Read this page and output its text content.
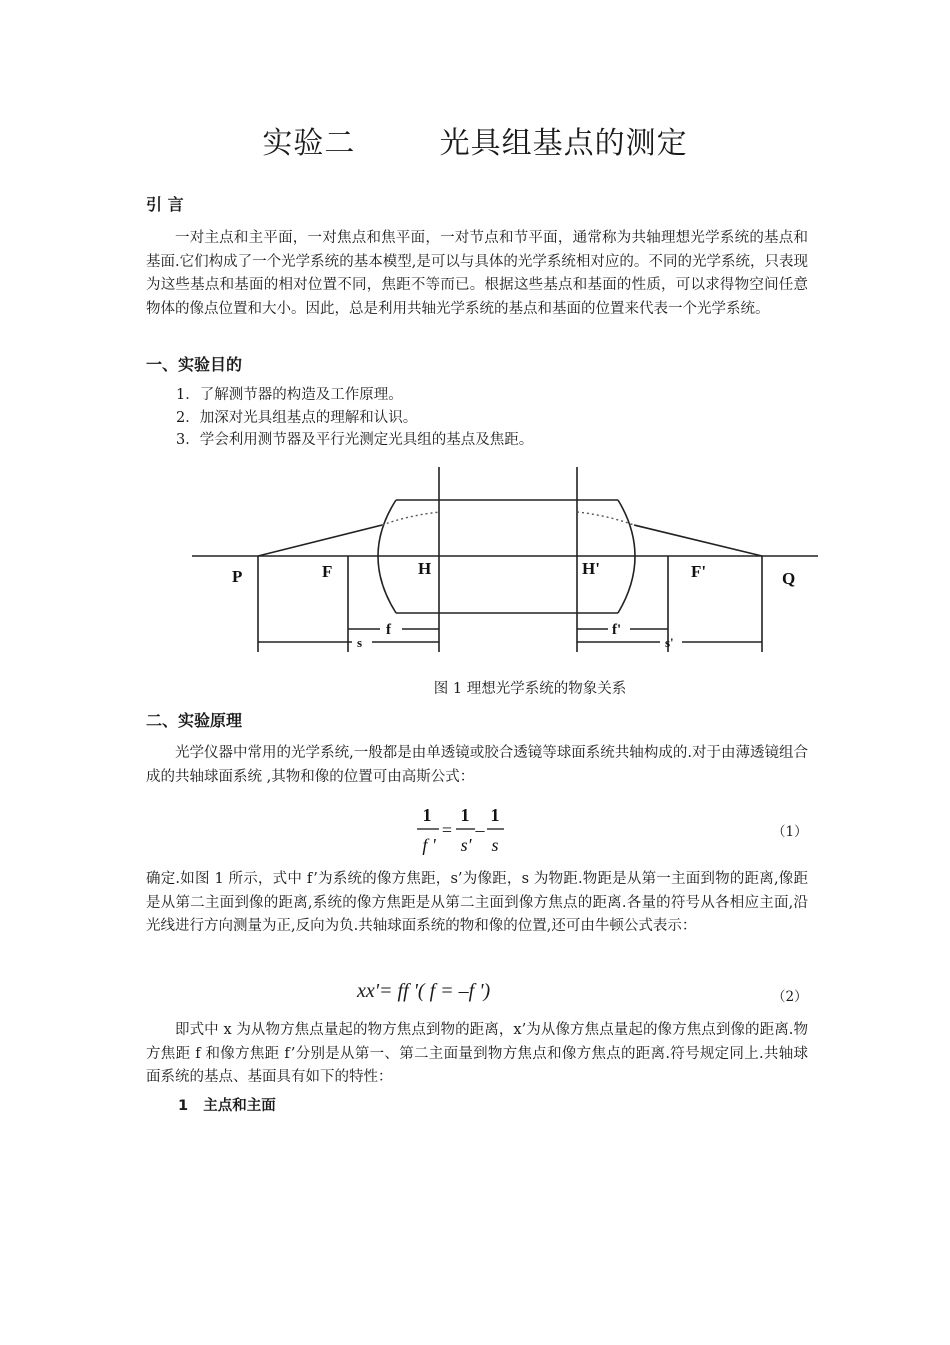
实验二        光具组基点的测定
引 言
一对主点和主平面，一对焦点和焦平面，一对节点和节平面，通常称为共轴理想光学系统的基点和基面.它们构成了一个光学系统的基本模型,是可以与具体的光学系统相对应的。不同的光学系统，只表现为这些基点和基面的相对位置不同，焦距不等而已。根据这些基点和基面的性质，可以求得物空间任意物体的像点位置和大小。因此，总是利用共轴光学系统的基点和基面的位置来代表一个光学系统。
一、实验目的
1．了解测节器的构造及工作原理。
2．加深对光具组基点的理解和认识。
3．学会利用测节器及平行光测定光具组的基点及焦距。
P	F	H	H'	F'	Q
f	f'
s	s'
图 1 理想光学系统的物象关系
二、实验原理
光学仪器中常用的光学系统,一般都是由单透镜或胶合透镜等球面系统共轴构成的.对于由薄透镜组合成的共轴球面系统 ,其物和像的位置可由高斯公式：
1
f '
=
1
s'
–
1
s
（1）
确定.如图 1 所示，式中 f’为系统的像方焦距，s’为像距，s 为物距.物距是从第一主面到物的距离,像距是从第二主面到像的距离,系统的像方焦距是从第二主面到像方焦点的距离.各量的符号从各相应主面,沿光线进行方向测量为正,反向为负.共轴球面系统的物和像的位置,还可由牛顿公式表示：
xx'= ff '( f = –f ')	（2）
即式中 x 为从物方焦点量起的物方焦点到物的距离，x’为从像方焦点量起的像方焦点到像的距离.物方焦距 f 和像方焦距 f’分别是从第一、第二主面量到物方焦点和像方焦点的距离.符号规定同上.共轴球面系统的基点、基面具有如下的特性：
1   主点和主面
